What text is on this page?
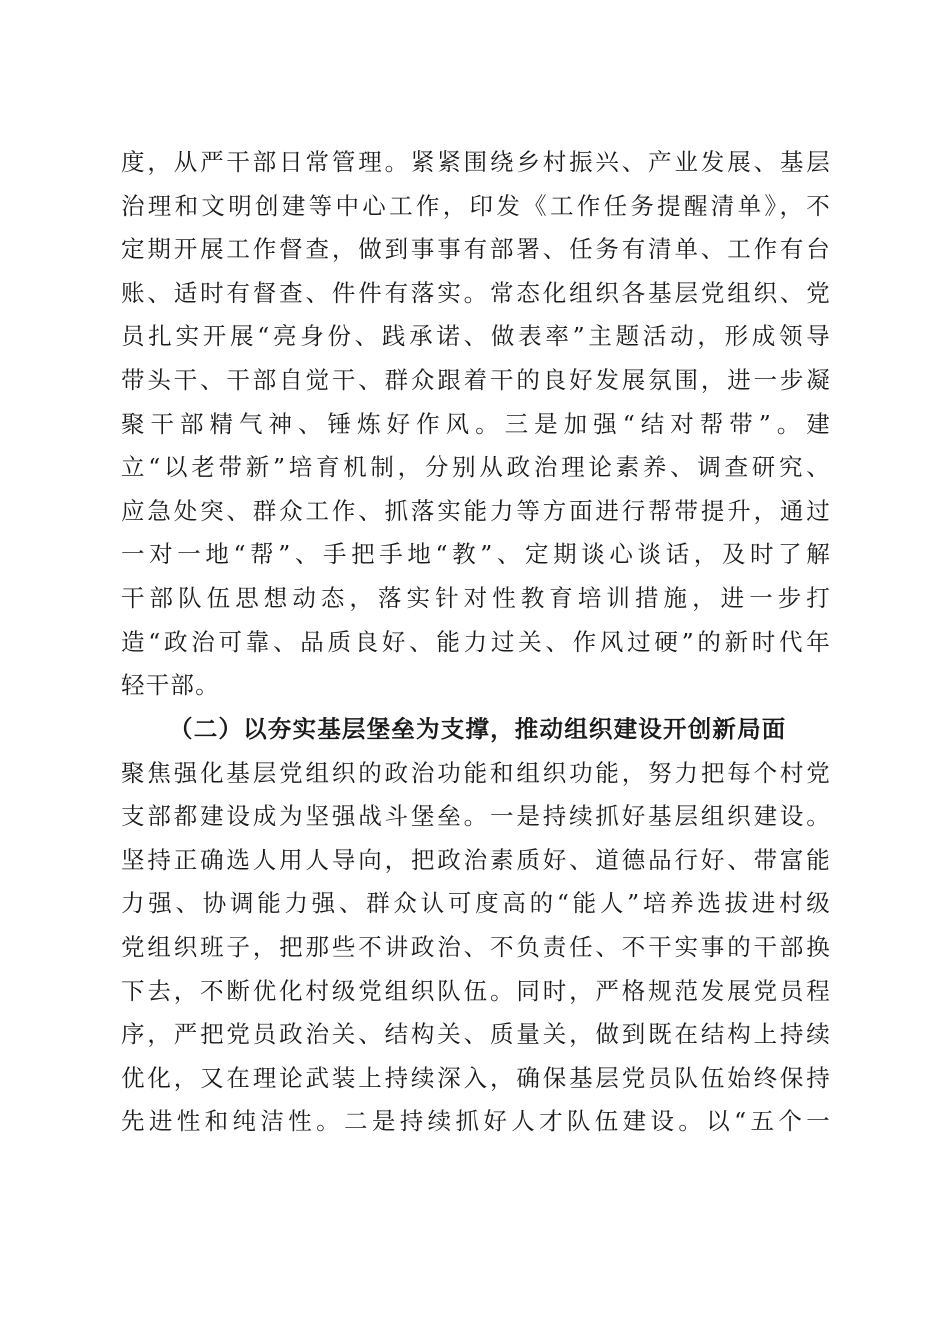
度，从严干部日常管理。紧紧围绕乡村振兴、产业发展、基层
治理和文明创建等中心工作，印发《工作任务提醒清单》，不
定期开展工作督查，做到事事有部署、任务有清单、工作有台
账、适时有督查、件件有落实。常态化组织各基层党组织、党
员扎实开展“亮身份、践承诺、做表率”主题活动，形成领导
带头干、干部自觉干、群众跟着干的良好发展氛围，进一步凝
聚干部精气神、锤炼好作风。三是加强“结对帮带”。建
立“以老带新”培育机制，分别从政治理论素养、调查研究、
应急处突、群众工作、抓落实能力等方面进行帮带提升，通过
一对一地“帮”、手把手地“教”、定期谈心谈话，及时了解
干部队伍思想动态，落实针对性教育培训措施，进一步打
造“政治可靠、品质良好、能力过关、作风过硬”的新时代年
轻干部。
（二）以夯实基层堡垒为支撑，推动组织建设开创新局面
聚焦强化基层党组织的政治功能和组织功能，努力把每个村党
支部都建设成为坚强战斗堡垒。一是持续抓好基层组织建设。
坚持正确选人用人导向，把政治素质好、道德品行好、带富能
力强、协调能力强、群众认可度高的“能人”培养选拔进村级
党组织班子，把那些不讲政治、不负责任、不干实事的干部换
下去，不断优化村级党组织队伍。同时，严格规范发展党员程
序，严把党员政治关、结构关、质量关，做到既在结构上持续
优化，又在理论武装上持续深入，确保基层党员队伍始终保持
先进性和纯洁性。二是持续抓好人才队伍建设。以“五个一
